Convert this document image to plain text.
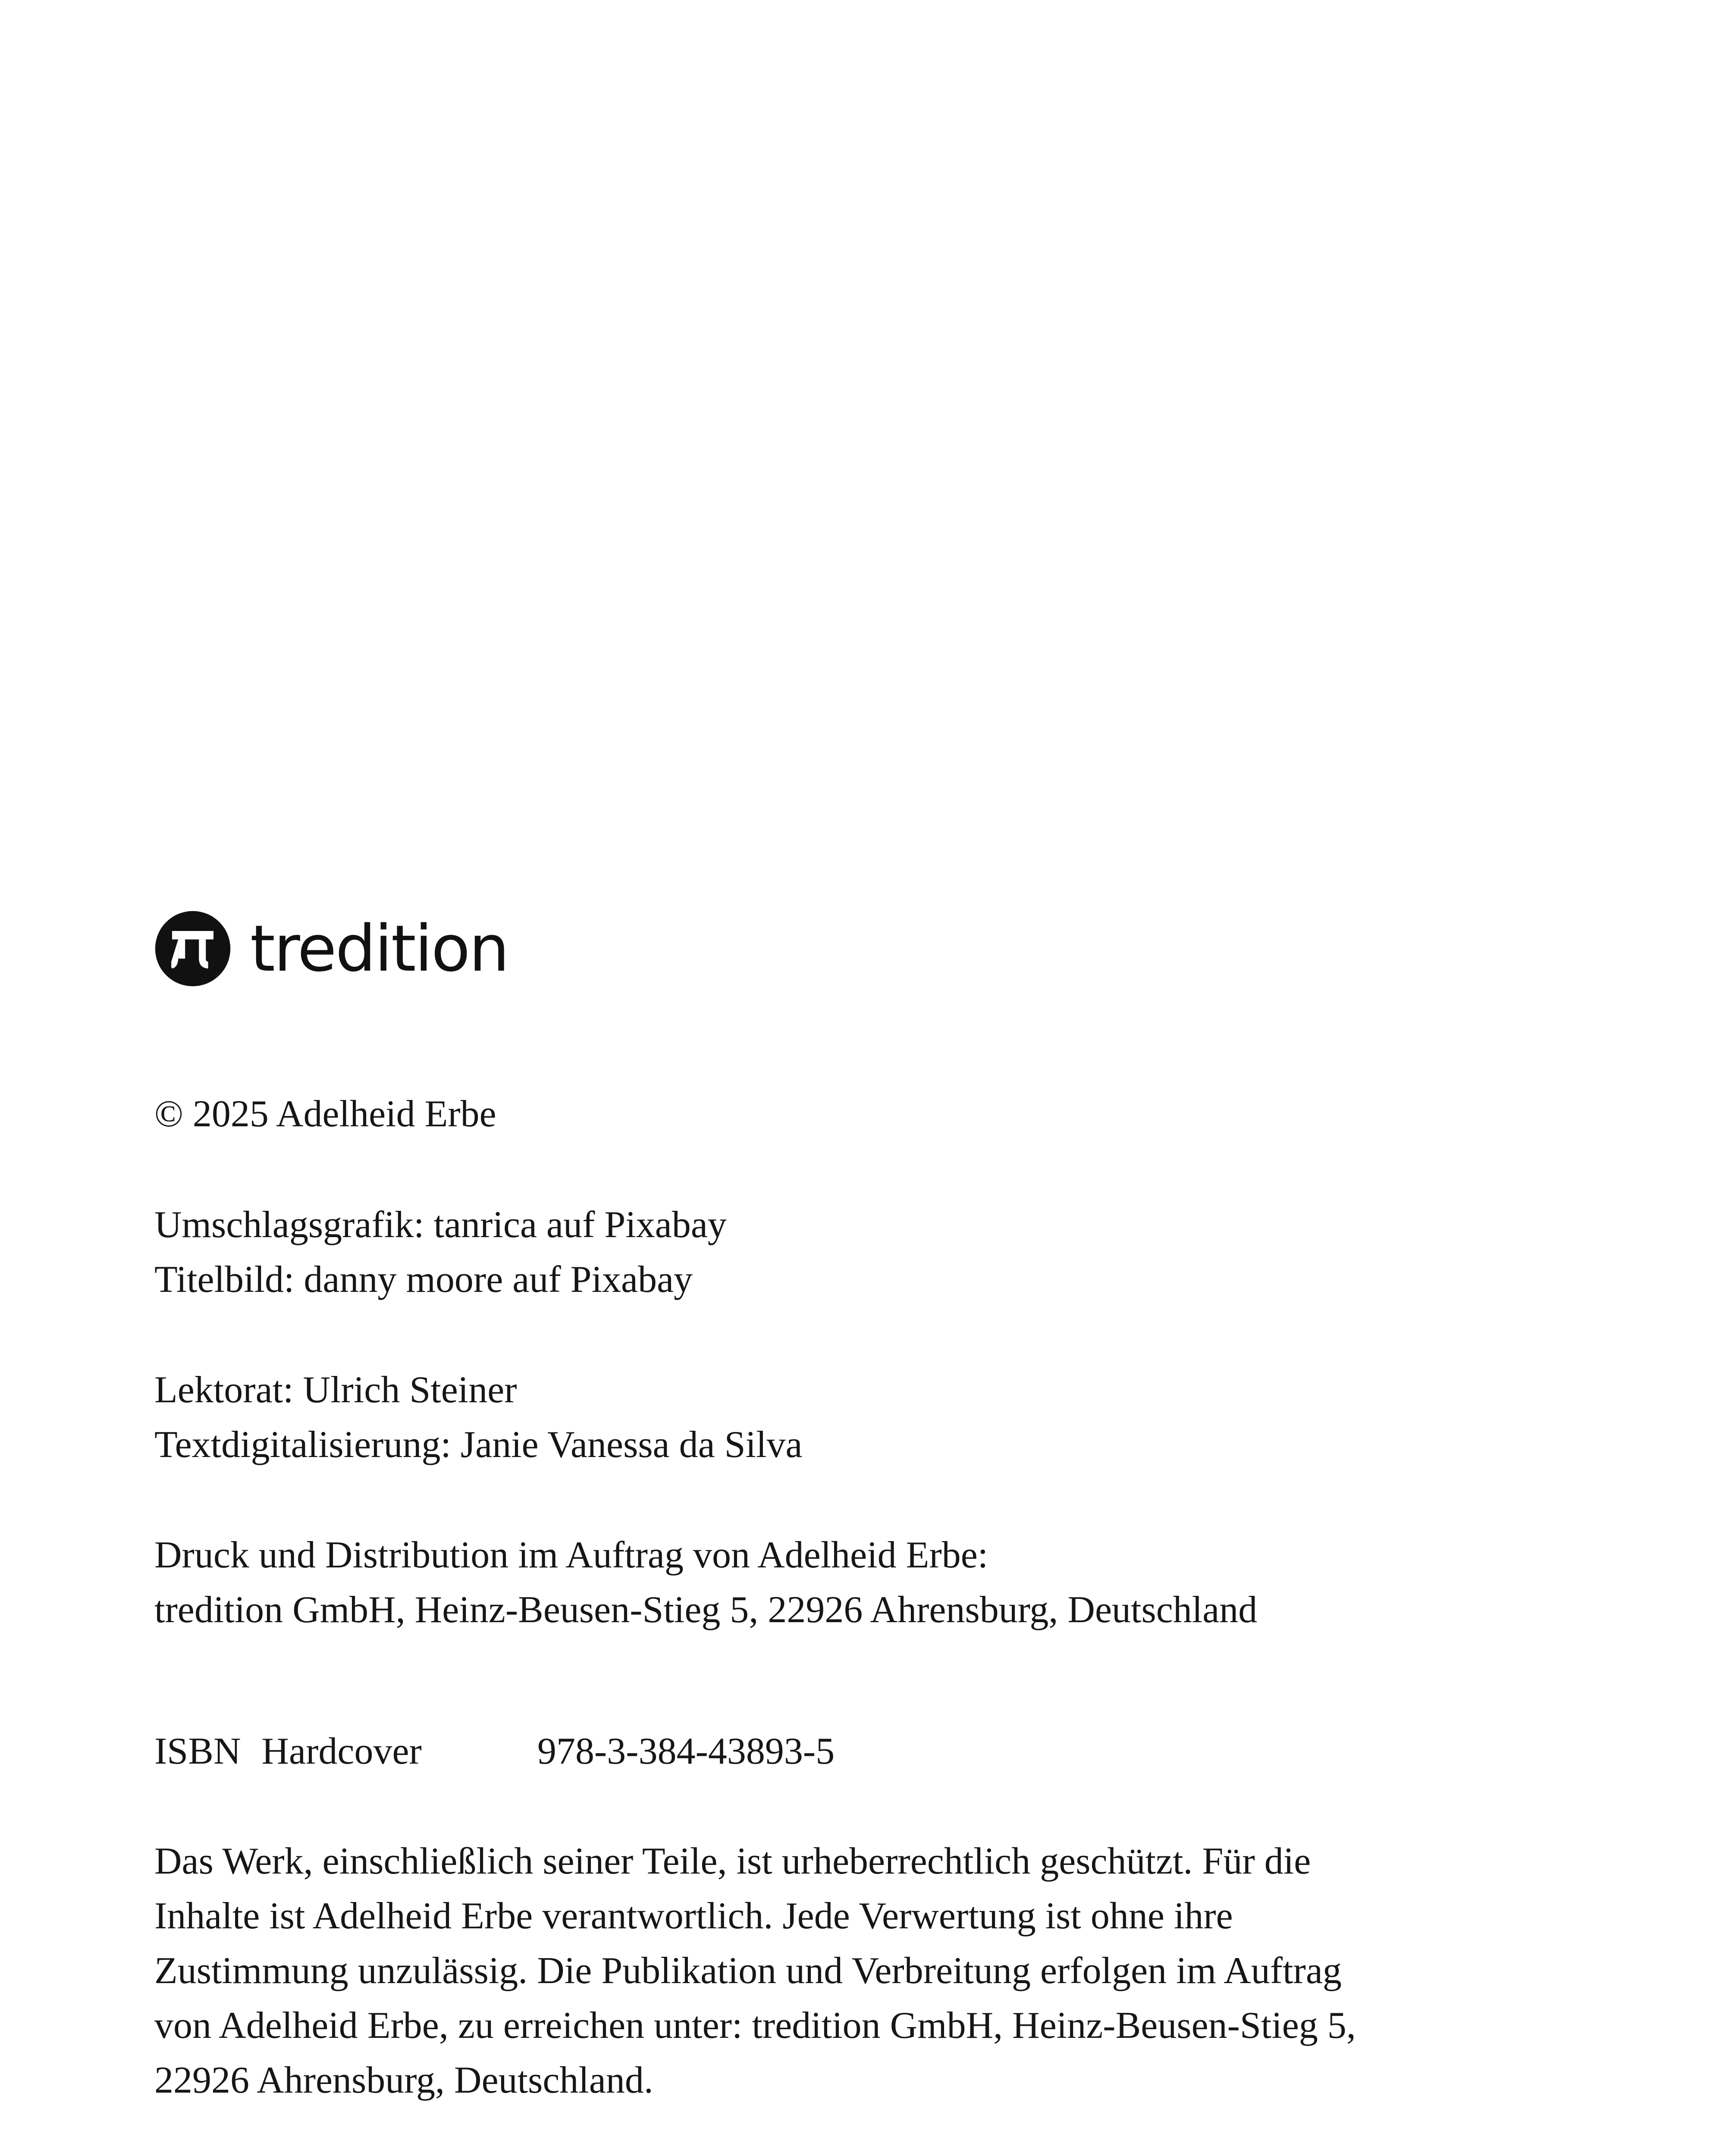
tredition

© 2025 Adelheid Erbe

Umschlagsgrafik: tanrica auf Pixabay
Titelbild: danny moore auf Pixabay

Lektorat: Ulrich Steiner
Textdigitalisierung: Janie Vanessa da Silva

Druck und Distribution im Auftrag von Adelheid Erbe:
tredition GmbH, Heinz-Beusen-Stieg 5, 22926 Ahrensburg, Deutschland

ISBN Hardcover	978-3-384-43893-5

Das Werk, einschließlich seiner Teile, ist urheberrechtlich geschützt. Für die
Inhalte ist Adelheid Erbe verantwortlich. Jede Verwertung ist ohne ihre
Zustimmung unzulässig. Die Publikation und Verbreitung erfolgen im Auftrag
von Adelheid Erbe, zu erreichen unter: tredition GmbH, Heinz-Beusen-Stieg 5,
22926 Ahrensburg, Deutschland.
